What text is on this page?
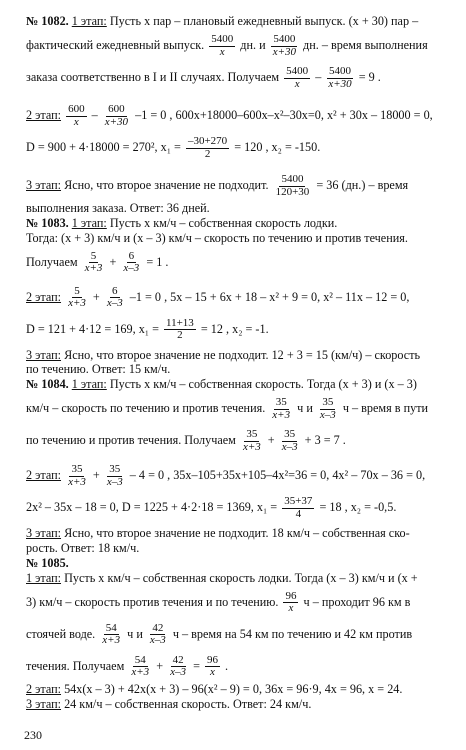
№ 1082. 1 этап: Пусть x пар – плановый ежедневный выпуск. (x + 30) пар –
фактический ежедневный выпуск. $\frac{5400}{x}$ дн. и $\frac{5400}{x+30}$ дн. – время выполнения
заказа соответственно в I и II случаях. Получаем $\frac{5400}{x} - \frac{5400}{x+30} = 9$ .
2 этап: $\frac{600}{x} - \frac{600}{x+30} -1 = 0$ , 600x+18000–600x–x²–30x=0, x² + 30x – 18000 = 0,
D = 900 + 4·18000 = 270², $x_1 = \frac{-30+270}{2} = 120$ , x₂ = -150.
3 этап: Ясно, что второе значение не подходит. $\frac{5400}{120+30} = 36$ (дн.) – время
выполнения заказа. Ответ: 36 дней.
№ 1083. 1 этап: Пусть x км/ч – собственная скорость лодки.
Тогда: (x + 3) км/ч и (x – 3) км/ч – скорость по течению и против течения.
Получаем $\frac{5}{x+3} + \frac{6}{x-3} = 1$ .
2 этап: $\frac{5}{x+3} + \frac{6}{x-3} -1 = 0$ , 5x – 15 + 6x + 18 – x² + 9 = 0, x² – 11x – 12 = 0,
D = 121 + 4·12 = 169, $x_1 = \frac{11+13}{2} = 12$ , x₂ = -1.
3 этап: Ясно, что второе значение не подходит. 12 + 3 = 15 (км/ч) – скорость
по течению. Ответ: 15 км/ч.
№ 1084. 1 этап: Пусть x км/ч – собственная скорость. Тогда (x + 3) и (x – 3)
км/ч – скорость по течению и против течения. $\frac{35}{x+3}$ ч и $\frac{35}{x-3}$ ч – время в пути
по течению и против течения. Получаем $\frac{35}{x+3} + \frac{35}{x-3} + 3 = 7$ .
2 этап: $\frac{35}{x+3} + \frac{35}{x-3} - 4 = 0$ , 35x–105+35x+105–4x²=36 = 0, 4x² – 70x – 36 = 0,
2x² – 35x – 18 = 0, D = 1225 + 4·2·18 = 1369, $x_1 = \frac{35+37}{4} = 18$ , x₂ = -0,5.
3 этап: Ясно, что второе значение не подходит. 18 км/ч – собственная ско-
рость. Ответ: 18 км/ч.
№ 1085.
1 этап: Пусть x км/ч – собственная скорость лодки. Тогда (x – 3) км/ч и (x +
3) км/ч – скорость против течения и по течению. $\frac{96}{x}$ ч – проходит 96 км в
стоячей воде. $\frac{54}{x+3}$ ч и $\frac{42}{x-3}$ ч – время на 54 км по течению и 42 км против
течения. Получаем $\frac{54}{x+3} + \frac{42}{x-3} = \frac{96}{x}$ .
2 этап: 54x(x – 3) + 42x(x + 3) – 96(x² – 9) = 0, 36x = 96·9, 4x = 96, x = 24.
3 этап: 24 км/ч – собственная скорость. Ответ: 24 км/ч.
230
